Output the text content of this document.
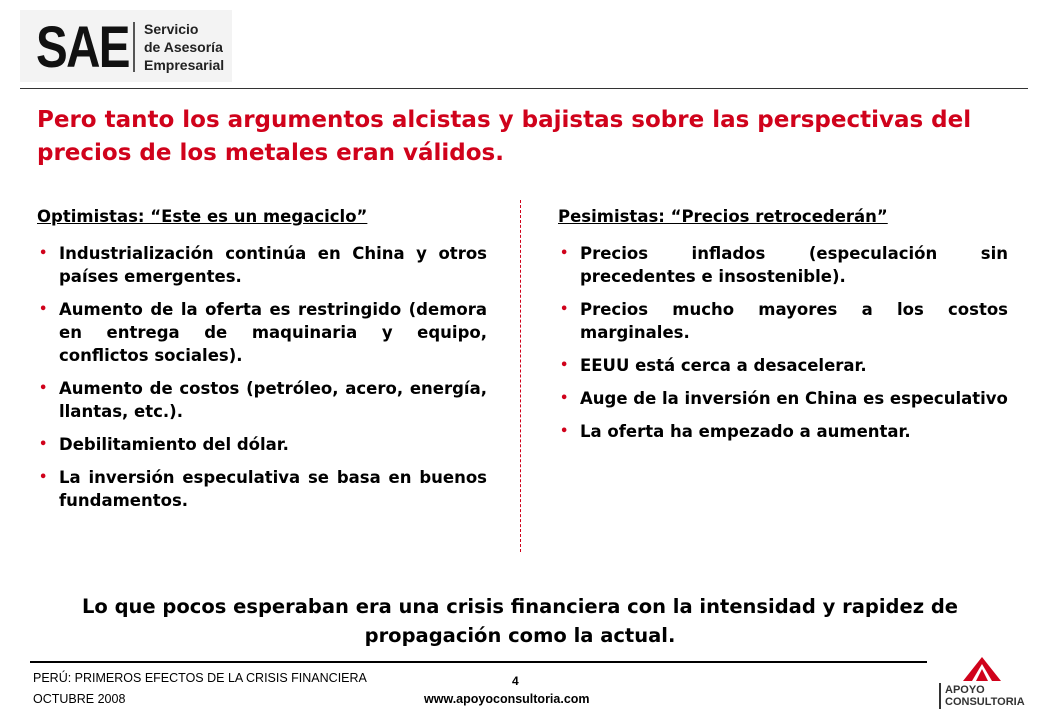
SAE Servicio
de Asesoría
Empresarial
Pero tanto los argumentos alcistas y bajistas sobre las perspectivas del precios de los metales eran válidos.
Optimistas: “Este es un megaciclo”
• Industrialización continúa en China y otros países emergentes.
• Aumento de la oferta es restringido (demora en entrega de maquinaria y equipo, conflictos sociales).
• Aumento de costos (petróleo, acero, energía, llantas, etc.).
• Debilitamiento del dólar.
• La inversión especulativa se basa en buenos fundamentos.
Pesimistas: “Precios retrocederán”
• Precios inflados (especulación sin precedentes e insostenible).
• Precios mucho mayores a los costos marginales.
• EEUU está cerca a desacelerar.
• Auge de la inversión en China es especulativo
• La oferta ha empezado a aumentar.
Lo que pocos esperaban era una crisis financiera con la intensidad y rapidez de propagación como la actual.
PERÚ: PRIMEROS EFECTOS DE LA CRISIS FINANCIERA
OCTUBRE 2008
4
www.apoyoconsultoria.com
APOYO
CONSULTORIA
